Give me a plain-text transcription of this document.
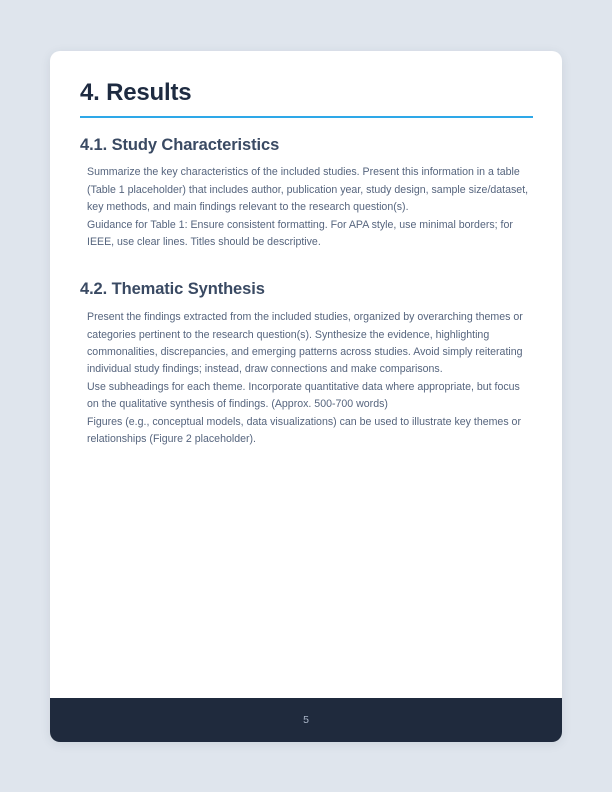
4. Results
4.1. Study Characteristics

Summarize the key characteristics of the included studies. Present this information in a table (Table 1 placeholder) that includes author, publication year, study design, sample size/dataset, key methods, and main findings relevant to the research question(s).

Guidance for Table 1: Ensure consistent formatting. For APA style, use minimal borders; for IEEE, use clear lines. Titles should be descriptive.

4.2. Thematic Synthesis

Present the findings extracted from the included studies, organized by overarching themes or categories pertinent to the research question(s). Synthesize the evidence, highlighting commonalities, discrepancies, and emerging patterns across studies. Avoid simply reiterating individual study findings; instead, draw connections and make comparisons.

Use subheadings for each theme. Incorporate quantitative data where appropriate, but focus on the qualitative synthesis of findings. (Approx. 500-700 words)

Figures (e.g., conceptual models, data visualizations) can be used to illustrate key themes or relationships (Figure 2 placeholder).

5
